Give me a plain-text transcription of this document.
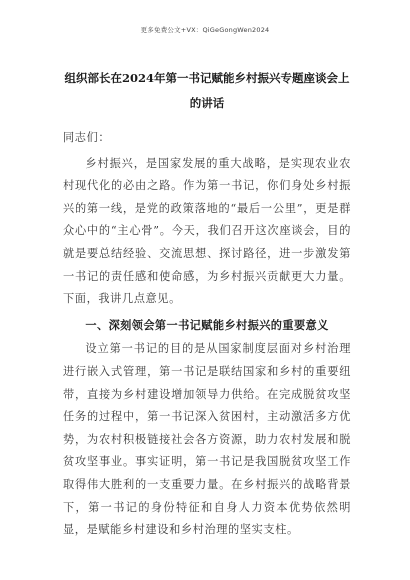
更多免费公文+VX：QiGeGongWen2024
组织部长在2024年第一书记赋能乡村振兴专题座谈会上的讲话

同志们：

乡村振兴，是国家发展的重大战略，是实现农业农村现代化的必由之路。作为第一书记，你们身处乡村振兴的第一线，是党的政策落地的“最后一公里”，更是群众心中的“主心骨”。今天，我们召开这次座谈会，目的就是要总结经验、交流思想、探讨路径，进一步激发第一书记的责任感和使命感，为乡村振兴贡献更大力量。下面，我讲几点意见。

一、深刻领会第一书记赋能乡村振兴的重要意义

设立第一书记的目的是从国家制度层面对乡村治理进行嵌入式管理，第一书记是联结国家和乡村的重要纽带，直接为乡村建设增加领导力供给。在完成脱贫攻坚任务的过程中，第一书记深入贫困村，主动激活多方优势，为农村积极链接社会各方资源，助力农村发展和脱贫攻坚事业。事实证明，第一书记是我国脱贫攻坚工作取得伟大胜利的一支重要力量。在乡村振兴的战略背景下，第一书记的身份特征和自身人力资本优势依然明显，是赋能乡村建设和乡村治理的坚实支柱。
